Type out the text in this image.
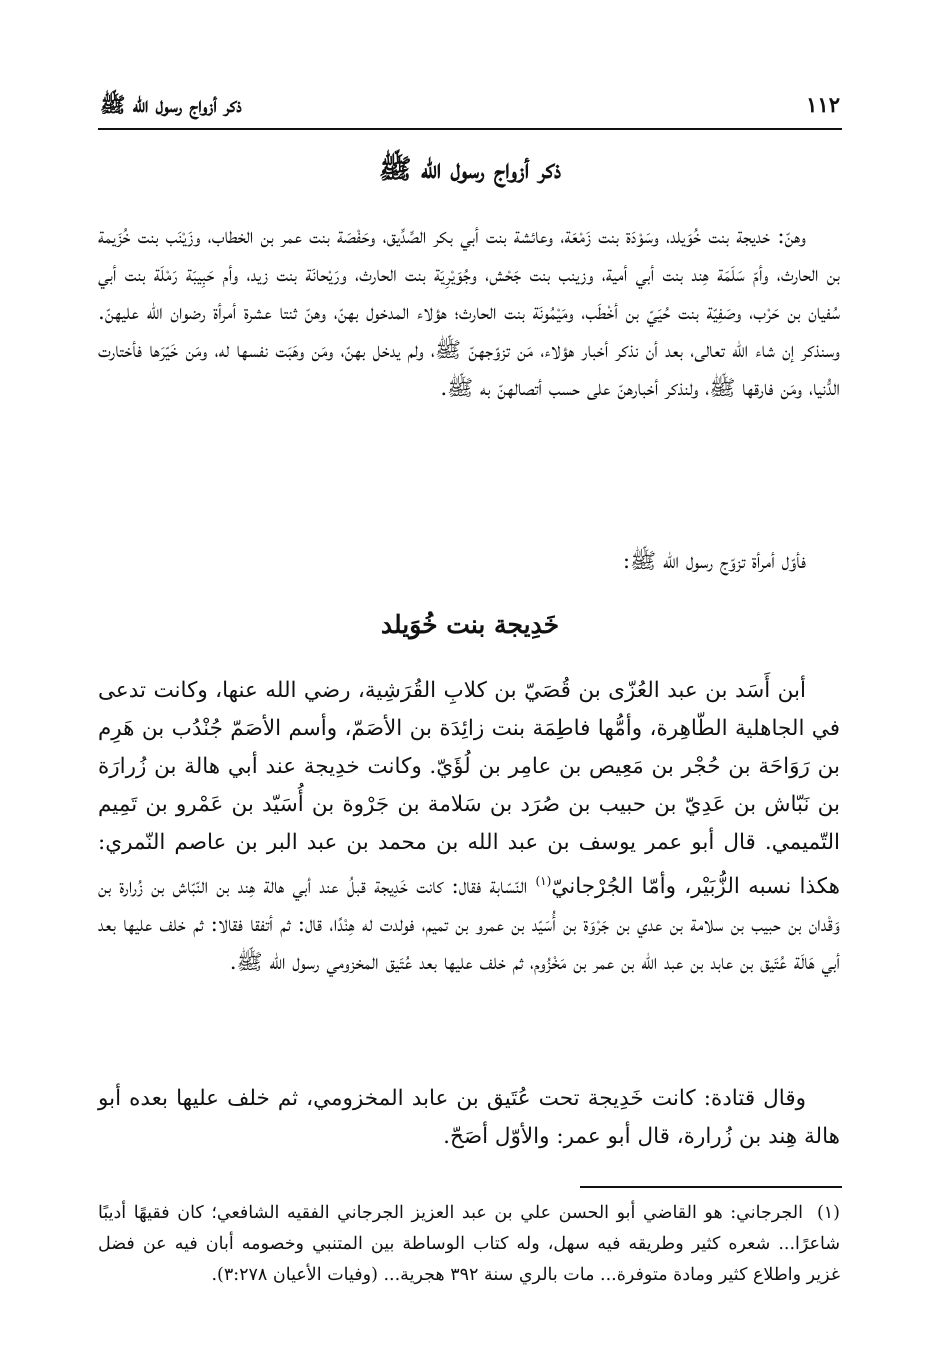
١١٢
ذكر أزواج رسول الله ﷺ
ذكر أزواج رسول الله ﷺ

وهنّ: خديجة بنت خُوَيلد، وسَوْدَة بنت زَمْعَة، وعائشة بنت أبي بكر الصِّدِّيق، وحَفْصَة بنت عمر بن الخطاب، وزَيْنَب بنت خُزَيمة بن الحارث، وأمّ سَلَمَة هِند بنت أبي أمية، وزينب بنت جَحْش، وجُوَيْرِيَة بنت الحارث، ورَيْحانَة بنت زيد، وأم حَبِيبَة رَمْلَة بنت أبي سُفيان بن حَرْب، وصَفِيّة بنت حُيَيّ بن أخْطَب، ومَيْمُونَة بنت الحارث؛ هؤلاء المدخول بهنّ، وهنّ ثنتا عشرة أمرأة رضوان الله عليهنّ. وسنذكر إن شاء الله تعالى، بعد أن نذكر أخبار هؤلاء، مَن تزوّجهنّ ﷺ، ولم يدخل بهنّ، ومَن وهَبَت نفسها له، ومَن خَيّرَها فأختارت الدُّنيا، ومَن فارقها ﷺ، ولنذكر أخبارهنّ على حسب أتصالهنّ به ﷺ.

فأوّل أمرأة تزوّج رسول الله ﷺ:

خَدِيجة بنت خُوَيلد

أبن أَسَد بن عبد العُزّى بن قُصَيّ بن كلابِ القُرَشِية، رضي الله عنها، وكانت تدعى في الجاهلية الطّاهِرة، وأمُّها فاطِمَة بنت زائِدَة بن الأصَمّ، وأسم الأصَمّ جُنْدُب بن هَرِم بن رَوَاحَة بن حُجْر بن مَعِيص بن عامِر بن لُؤَيّ. وكانت خدِيجة عند أبي هالة بن زُرارَة بن نَبّاش بن عَدِيّ بن حبيب بن صُرَد بن سَلامة بن جَرْوة بن أُسَيّد بن عَمْرو بن تَمِيم التّميمي. قال أبو عمر يوسف بن عبد الله بن محمد بن عبد البر بن عاصم النّمري: هكذا نسبه الزُّبَيْر، وأمّا الجُرْجانيّ$^{(١)}$ النّسّابة فقال: كانت خَدِيجة قبلُ عند أبي هالة هِند بن النّبّاش بن زُرارة بن وَقْدان بن حبيب بن سلامة بن عدي بن جَرْوَة بن أُسَيّد بن عمرو بن تميم، فولدت له هِنْدًا، قال: ثم أتفقا فقالا: ثم خلف عليها بعد أبي هَالَة عُتَيق بن عابد بن عبد الله بن عمر بن مَخْزُوم، ثم خلف عليها بعد عُتَيق المخزومي رسول الله ﷺ.

وقال قتادة: كانت خَدِيجة تحت عُتَيق بن عابد المخزومي، ثم خلف عليها بعده أبو هالة هِند بن زُرارة، قال أبو عمر: والأوّل أصَحّ.

(١)الجرجاني: هو القاضي أبو الحسن علي بن عبد العزيز الجرجاني الفقيه الشافعي؛ كان فقيهًا أديبًا شاعرًا... شعره كثير وطريقه فيه سهل، وله كتاب الوساطة بين المتنبي وخصومه أبان فيه عن فضل غزير واطلاع كثير ومادة متوفرة... مات بالري سنة ٣٩٢ هجرية... (وفيات الأعيان ٣:٢٧٨).
